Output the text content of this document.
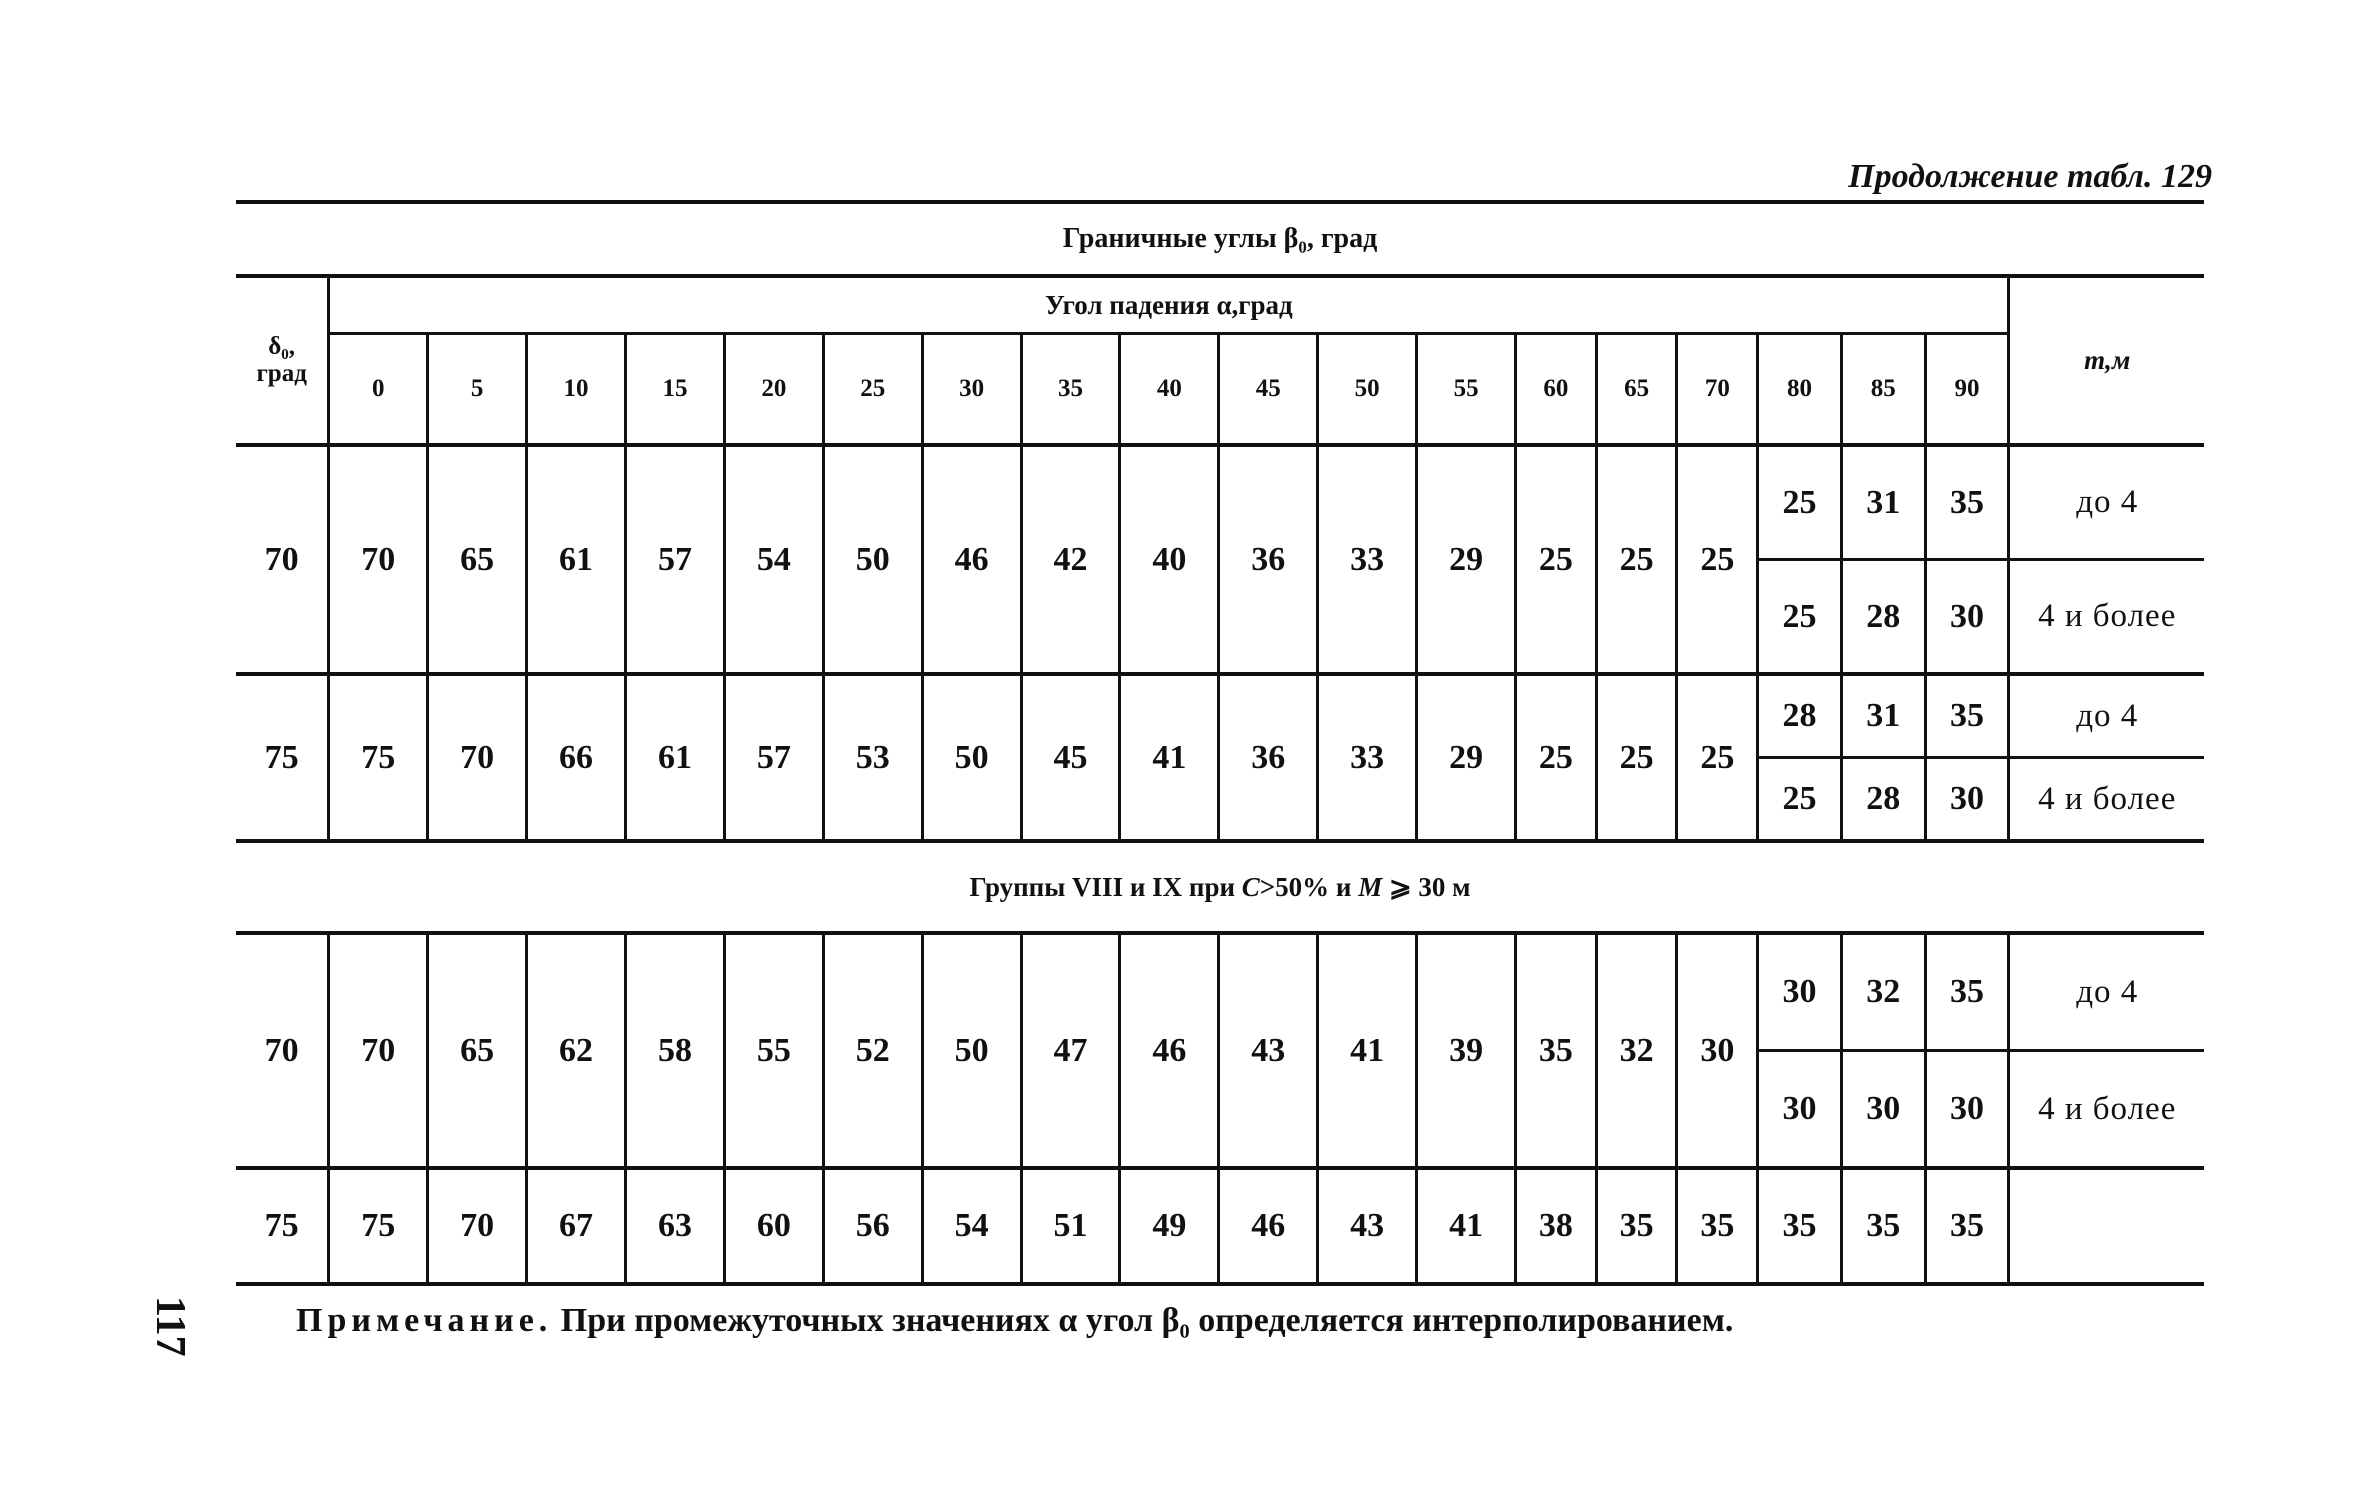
Продолжение табл. 129
Граничные углы β₀, град																			

δ₀,
град	Угол падения α,град																		m,м
	0	5	10	15	20	25	30	35	40	45	50	55	60	65	70	80	85	90	
70	70	65	61	57	54	50	46	42	40	36	33	29	25	25	25	25	31	35	до 4
																25	28	30	4 и более
75	75	70	66	61	57	53	50	45	41	36	33	29	25	25	25	28	31	35	до 4
																25	28	30	4 и более
Группы VIII и IX при C>50% и M ⩾ 30 м																			
70	70	65	62	58	55	52	50	47	46	43	41	39	35	32	30	30	32	35	до 4
																30	30	30	4 и более
75	75	70	67	63	60	56	54	51	49	46	43	41	38	35	35	35	35	35	

117	Примечание. При промежуточных значениях α угол β₀ определяется интерполированием.
